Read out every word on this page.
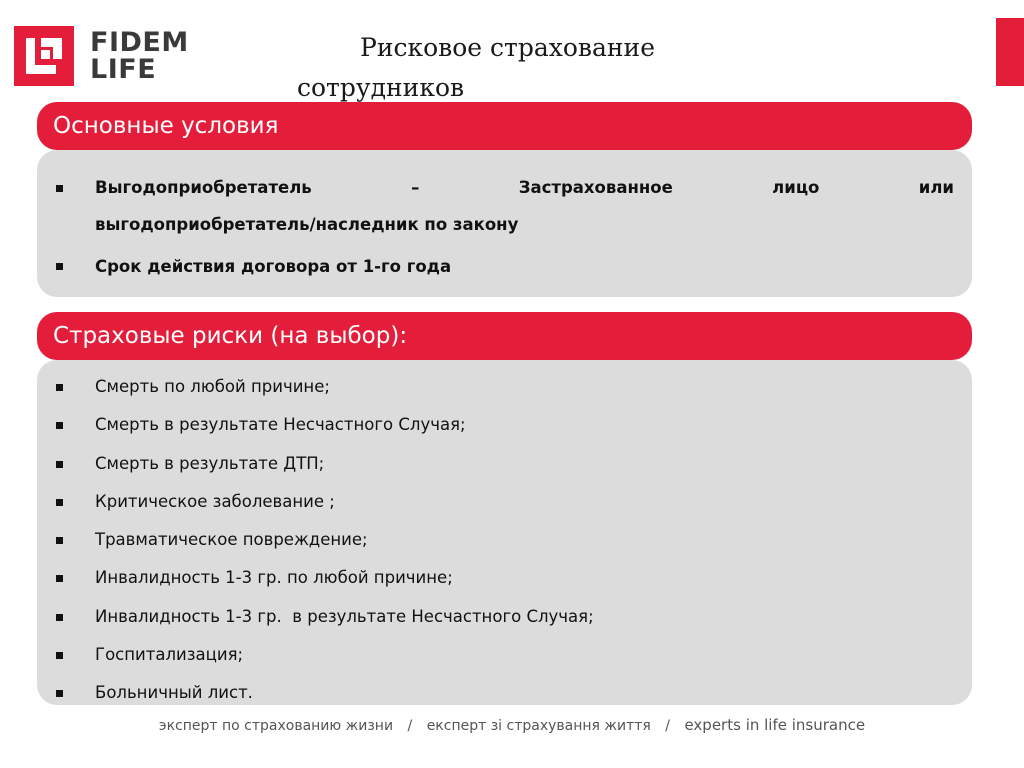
FIDEM
LIFE
Рисковое страхование
сотрудников
Основные условия
Выгодоприобретатель	–	Застрахованное	лицо	или
выгодоприобретатель/наследник по закону
Срок действия договора от 1-го года
Страховые риски (на выбор):
Смерть по любой причине;
Смерть в результате Несчастного Случая;
Смерть в результате ДТП;
Критическое заболевание ;
Травматическое повреждение;
Инвалидность 1-3 гр. по любой причине;
Инвалидность 1-3 гр.  в результате Несчастного Случая;
Госпитализация;
Больничный лист.
эксперт по страхованию жизни / експерт зі страхування життя / experts in life insurance
